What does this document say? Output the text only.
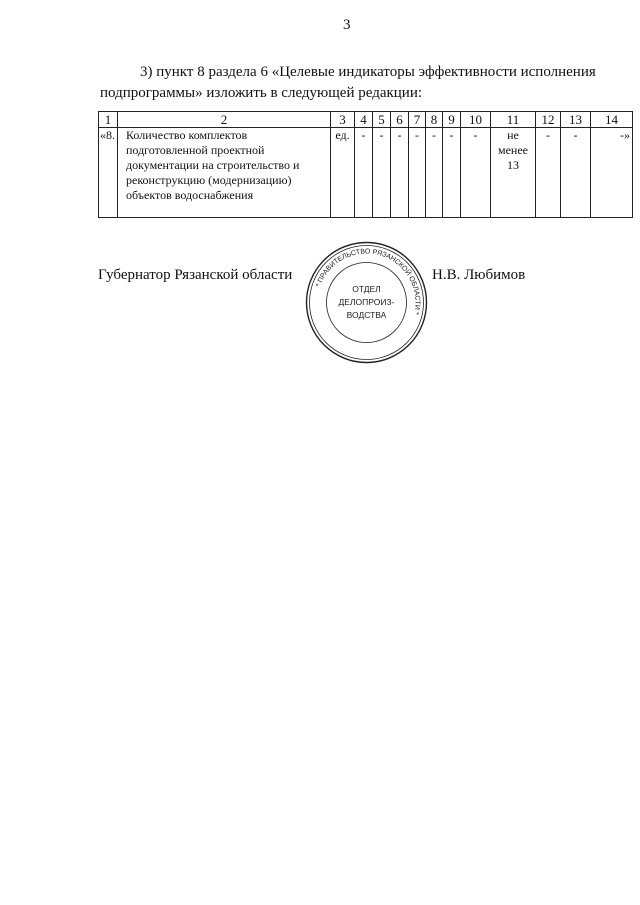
3
3) пункт 8 раздела 6 «Целевые индикаторы эффективности исполнения
подпрограммы» изложить в следующей редакции:
1	2	3	4	5	6	7	8	9	10	11	12	13	14
«8.	Количество комплектов подготовленной проектной документации на строительство и реконструкцию (модернизацию) объектов водоснабжения	ед.	-	-	-	-	-	-	-	не менее 13	-	-	-»
Губернатор Рязанской области	Н.В. Любимов
* ПРАВИТЕЛЬСТВО РЯЗАНСКОЙ ОБЛАСТИ *
ОТДЕЛ
ДЕЛОПРОИЗ-
ВОДСТВА
